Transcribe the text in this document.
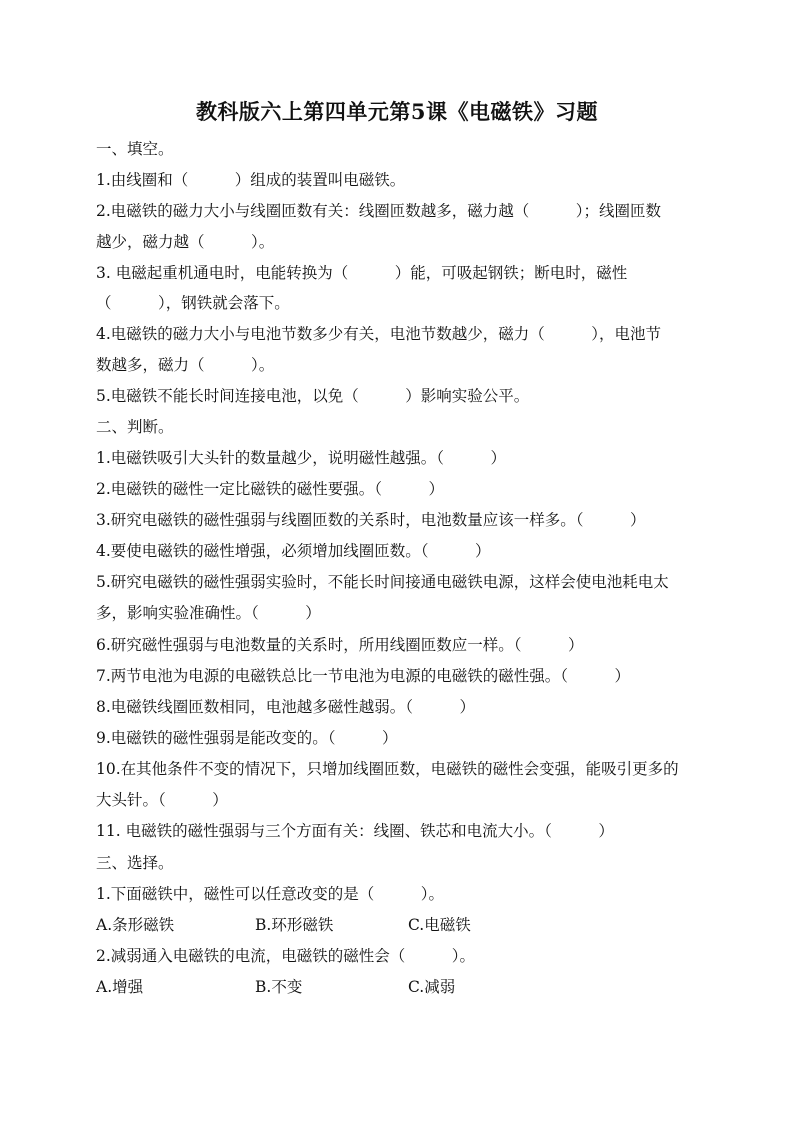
教科版六上第四单元第5课《电磁铁》习题
一、填空。
1.由线圈和（　　　）组成的装置叫电磁铁。
2.电磁铁的磁力大小与线圈匝数有关：线圈匝数越多，磁力越（　　　）；线圈匝数
越少，磁力越（　　　）。
3. 电磁起重机通电时，电能转换为（　　　）能，可吸起钢铁；断电时，磁性
（　　　），钢铁就会落下。
4.电磁铁的磁力大小与电池节数多少有关，电池节数越少，磁力（　　　），电池节
数越多，磁力（　　　）。
5.电磁铁不能长时间连接电池，以免（　　　）影响实验公平。
二、判断。
1.电磁铁吸引大头针的数量越少，说明磁性越强。（　　　）
2.电磁铁的磁性一定比磁铁的磁性要强。（　　　）
3.研究电磁铁的磁性强弱与线圈匝数的关系时，电池数量应该一样多。（　　　）
4.要使电磁铁的磁性增强，必须增加线圈匝数。（　　　）
5.研究电磁铁的磁性强弱实验时，不能长时间接通电磁铁电源，这样会使电池耗电太
多，影响实验准确性。（　　　）
6.研究磁性强弱与电池数量的关系时，所用线圈匝数应一样。（　　　）
7.两节电池为电源的电磁铁总比一节电池为电源的电磁铁的磁性强。（　　　）
8.电磁铁线圈匝数相同，电池越多磁性越弱。（　　　）
9.电磁铁的磁性强弱是能改变的。（　　　）
10.在其他条件不变的情况下，只增加线圈匝数，电磁铁的磁性会变强，能吸引更多的
大头针。（　　　）
11. 电磁铁的磁性强弱与三个方面有关：线圈、铁芯和电流大小。（　　　）
三、选择。
1.下面磁铁中，磁性可以任意改变的是（　　　）。
A.条形磁铁	B.环形磁铁	C.电磁铁
2.减弱通入电磁铁的电流，电磁铁的磁性会（　　　）。
A.增强	B.不变	C.减弱
